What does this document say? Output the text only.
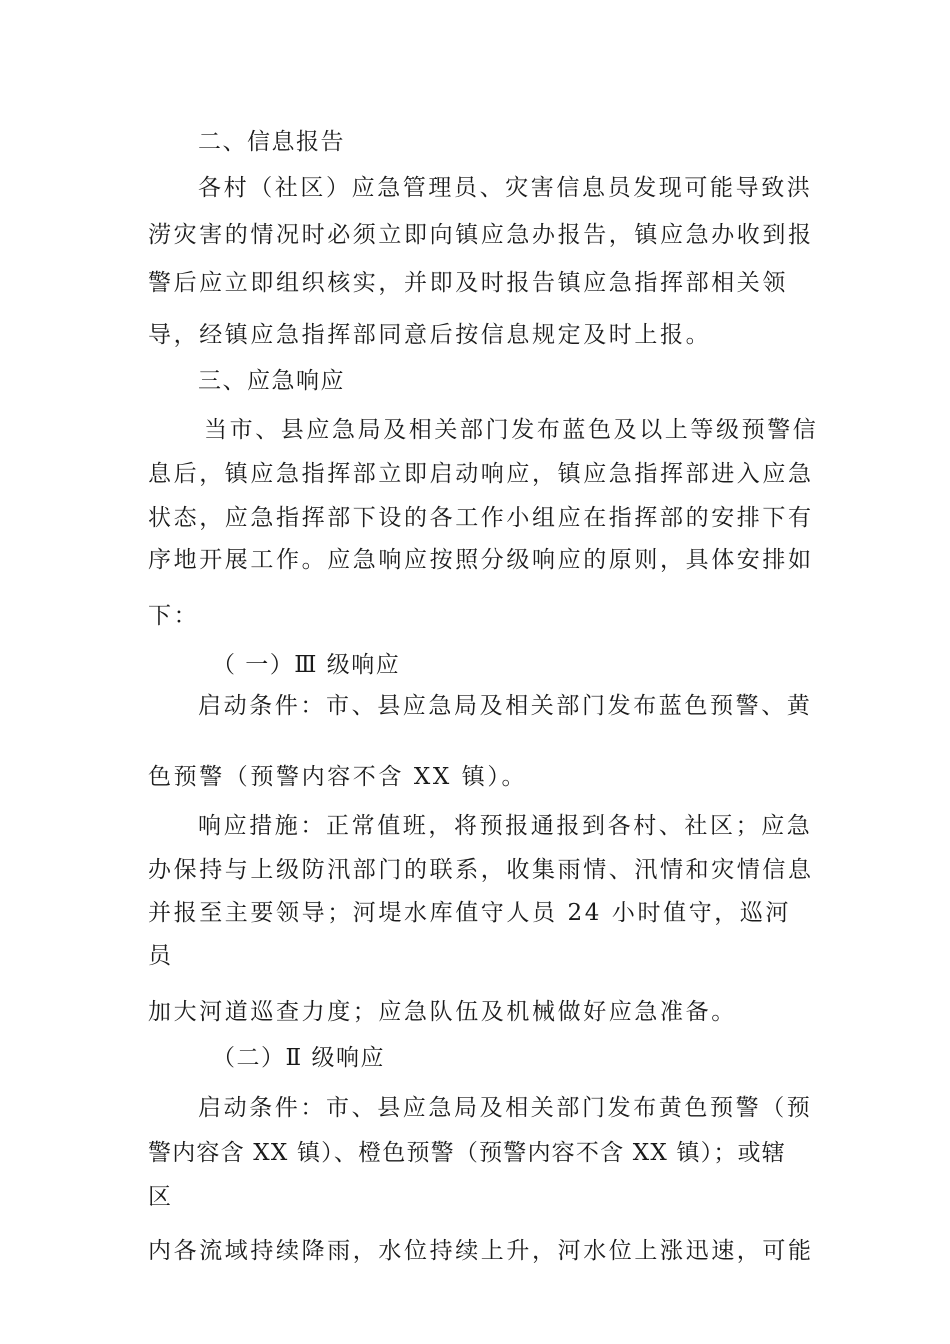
二、信息报告
各村（社区）应急管理员、灾害信息员发现可能导致洪
涝灾害的情况时必须立即向镇应急办报告，镇应急办收到报
警后应立即组织核实，并即及时报告镇应急指挥部相关领
导，经镇应急指挥部同意后按信息规定及时上报。
三、应急响应
当市、县应急局及相关部门发布蓝色及以上等级预警信
息后，镇应急指挥部立即启动响应，镇应急指挥部进入应急
状态，应急指挥部下设的各工作小组应在指挥部的安排下有
序地开展工作。应急响应按照分级响应的原则，具体安排如
下：
（ 一）Ⅲ 级响应
启动条件：市、县应急局及相关部门发布蓝色预警、黄
色预警（预警内容不含 XX 镇）。
响应措施：正常值班，将预报通报到各村、社区；应急
办保持与上级防汛部门的联系，收集雨情、汛情和灾情信息
并报至主要领导；河堤水库值守人员 24 小时值守，巡河
员
加大河道巡查力度；应急队伍及机械做好应急准备。
（二）Ⅱ 级响应
启动条件：市、县应急局及相关部门发布黄色预警（预
警内容含 XX 镇）、橙色预警（预警内容不含 XX 镇）；或辖
区
内各流域持续降雨，水位持续上升，河水位上涨迅速，可能
